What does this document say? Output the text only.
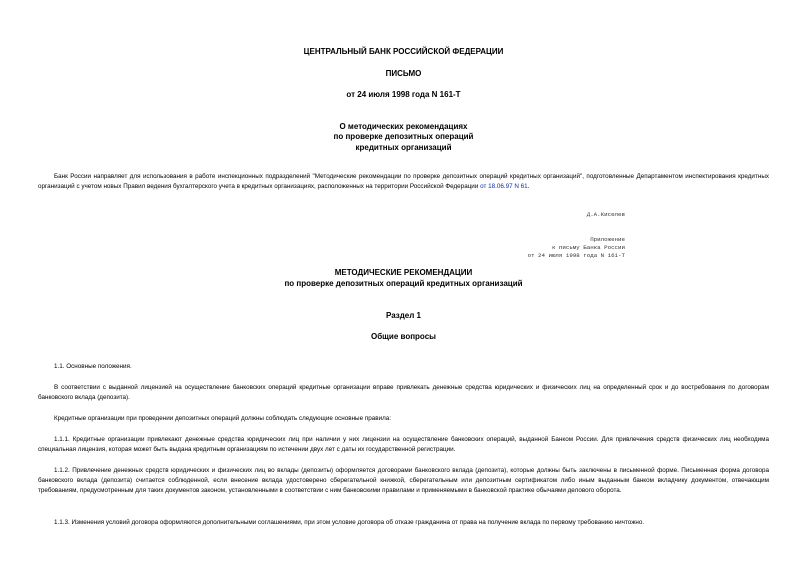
ЦЕНТРАЛЬНЫЙ БАНК РОССИЙСКОЙ ФЕДЕРАЦИИ
ПИСЬМО
от 24 июля 1998 года N 161-Т
О методических рекомендациях
по проверке депозитных операций
кредитных организаций
Банк России направляет для использования в работе инспекционных подразделений "Методические рекомендации по проверке депозитных операций кредитных организаций", подготовленные Департаментом инспектирования кредитных организаций с учетом новых Правил ведения бухгалтерского учета в кредитных организациях, расположенных на территории Российской Федерации от 18.06.97 N 61.
Д.А.Киселев
Приложение
к письму Банка России
от 24 июля 1998 года N 161-Т
МЕТОДИЧЕСКИЕ РЕКОМЕНДАЦИИ
по проверке депозитных операций кредитных организаций
Раздел 1
Общие вопросы
1.1. Основные положения.
В соответствии с выданной лицензией на осуществление банковских операций кредитные организации вправе привлекать денежные средства юридических и физических лиц на определенный срок и до востребования по договорам банковского вклада (депозита).
Кредитные организации при проведении депозитных операций должны соблюдать следующие основные правила:
1.1.1. Кредитные организации привлекают денежные средства юридических лиц при наличии у них лицензии на осуществление банковских операций, выданной Банком России. Для привлечения средств физических лиц необходима специальная лицензия, которая может быть выдана кредитным организациям по истечении двух лет с даты их государственной регистрации.
1.1.2. Привлечение денежных средств юридических и физических лиц во вклады (депозиты) оформляется договорами банковского вклада (депозита), которые должны быть заключены в письменной форме. Письменная форма договора банковского вклада (депозита) считается соблюденной, если внесение вклада удостоверено сберегательной книжкой, сберегательным или депозитным сертификатом либо иным выданным банком вкладчику документом, отвечающим требованиям, предусмотренным для таких документов законом, установленными в соответствии с ним банковскими правилами и применяемыми в банковской практике обычаями делового оборота.
1.1.3. Изменения условий договора оформляются дополнительными соглашениями, при этом условие договора об отказе гражданина от права на получение вклада по первому требованию ничтожно.
